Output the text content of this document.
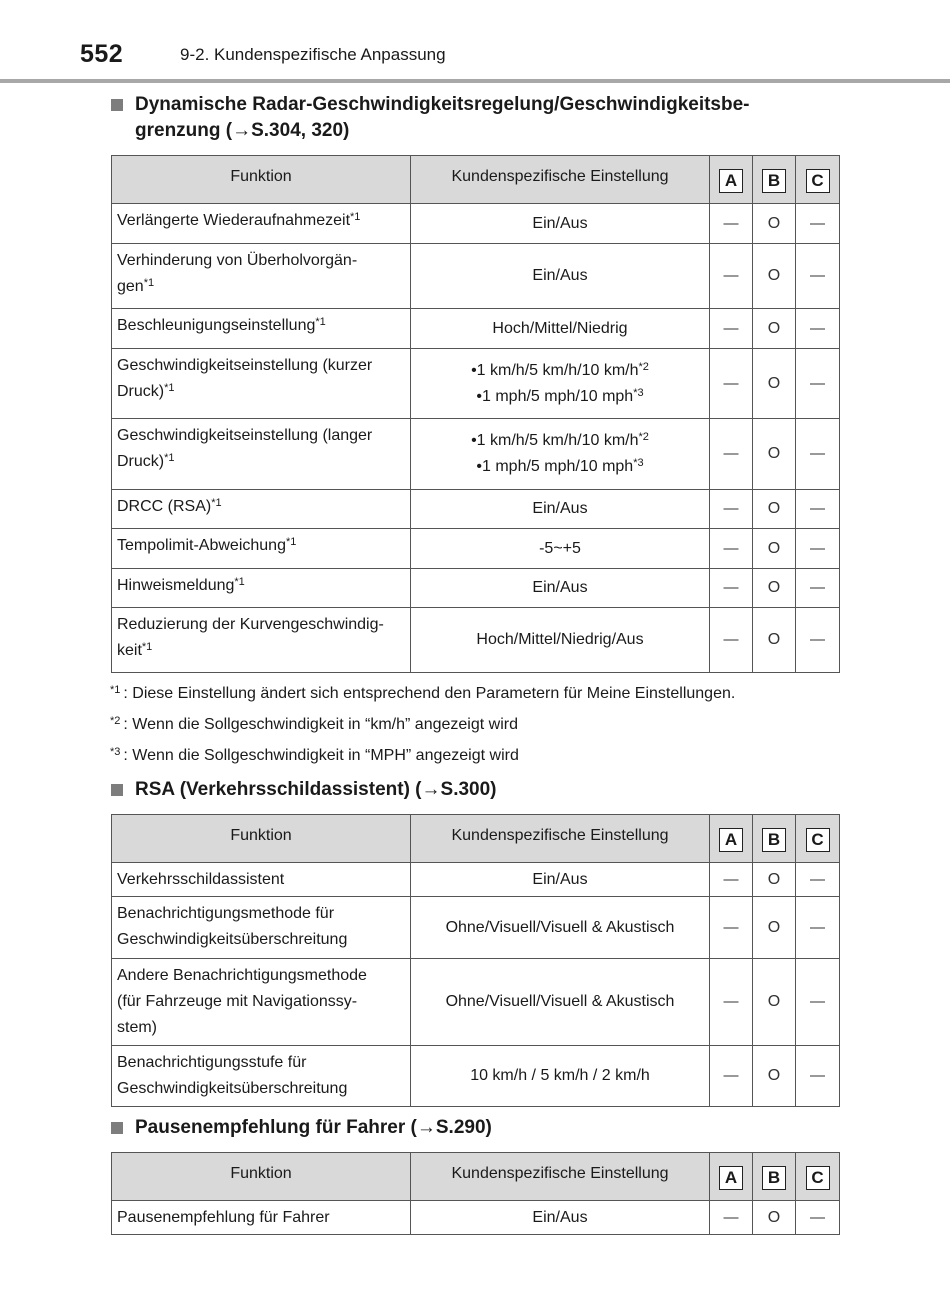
552	9-2. Kundenspezifische Anpassung
Dynamische Radar-Geschwindigkeitsregelung/Geschwindigkeitsbe-
grenzung (→S.304, 320)
Funktion	Kundenspezifische Einstellung	A	B	C
Verlängerte Wiederaufnahmezeit$^{*1}$	Ein/Aus	—	O	—

Verhinderung von Überholvorgän-
gen$^{*1}$	Ein/Aus	—	O	—
Beschleunigungseinstellung$^{*1}$	Hoch/Mittel/Niedrig	—	O	—

Geschwindigkeitseinstellung (kurzer
Druck)$^{*1}$	•1 km/h/5 km/h/10 $km/h^{*2}$
•1 mph/5 mph/10 mph$^{*3}$	—	O	—

Geschwindigkeitseinstellung (langer
Druck)$^{*1}$	•1 km/h/5 km/h/10 $km/h^{*2}$
•1 mph/5 mph/10 mph$^{*3}$	—	O	—
DRCC (RSA)$^{*1}$	Ein/Aus	—	O	—
Tempolimit-Abweichung$^{*1}$	-5~+5	—	O	—
Hinweismeldung$^{*1}$	Ein/Aus	—	O	—

Reduzierung der Kurvengeschwindig-
keit$^{*1}$	Hoch/Mittel/Niedrig/Aus	—	O	—
$^{*1}$ : Diese Einstellung ändert sich entsprechend den Parametern für Meine Einstellungen.
$^{*2}$ : Wenn die Sollgeschwindigkeit in “km/h” angezeigt wird
$^{*3}$ : Wenn die Sollgeschwindigkeit in “MPH” angezeigt wird
RSA (Verkehrsschildassistent) (→S.300)
Funktion	Kundenspezifische Einstellung	A	B	C
Verkehrsschildassistent	Ein/Aus	—	O	—

Benachrichtigungsmethode für
Geschwindigkeitsüberschreitung	Ohne/Visuell/Visuell & Akustisch	—	O	—

Andere Benachrichtigungsmethode
(für Fahrzeuge mit Navigationssy-
stem)	Ohne/Visuell/Visuell & Akustisch	—	O	—

Benachrichtigungsstufe für
Geschwindigkeitsüberschreitung	10 km/h / 5 km/h / 2 km/h	—	O	—
Pausenempfehlung für Fahrer (→S.290)
Funktion	Kundenspezifische Einstellung	A	B	C
Pausenempfehlung für Fahrer	Ein/Aus	—	O	—
